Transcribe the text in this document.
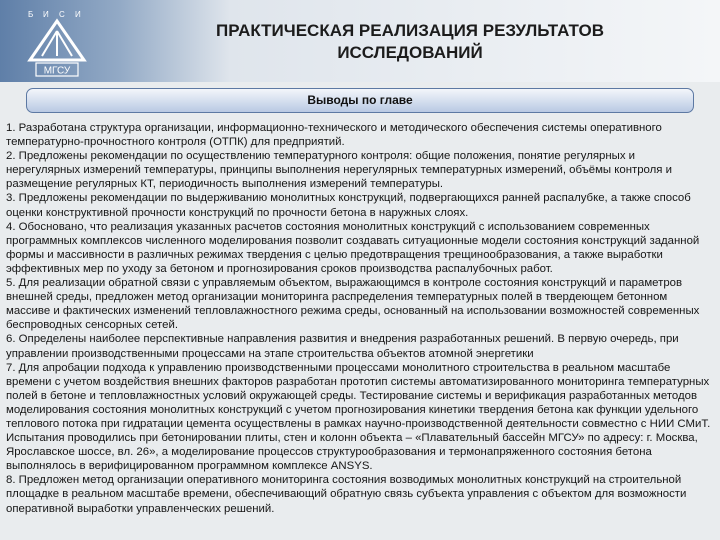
Б И С И
МГСУ
ПРАКТИЧЕСКАЯ РЕАЛИЗАЦИЯ РЕЗУЛЬТАТОВ
ИССЛЕДОВАНИЙ
Выводы по главе

1. Разработана структура организации, информационно-технического и методического обеспечения системы оперативного температурно-прочностного контроля (ОТПК) для предприятий.

2. Предложены рекомендации по осуществлению температурного контроля: общие положения, понятие регулярных и нерегулярных измерений температуры, принципы выполнения нерегулярных температурных измерений, объёмы контроля и размещение регулярных КТ, периодичность выполнения измерений температуры.

3. Предложены рекомендации по выдерживанию монолитных конструкций, подвергающихся ранней распалубке, а также способ оценки конструктивной прочности конструкций по прочности бетона в наружных слоях.

4. Обосновано, что реализация указанных расчетов состояния монолитных конструкций с использованием современных программных комплексов численного моделирования позволит создавать ситуационные модели состояния конструкций заданной формы и массивности в различных режимах твердения с целью предотвращения трещинообразования, а также выработки эффективных мер по уходу за бетоном и прогнозирования сроков производства распалубочных работ.

5. Для реализации обратной связи с управляемым объектом, выражающимся в контроле состояния конструкций и параметров внешней среды, предложен метод организации мониторинга распределения температурных полей в твердеющем бетонном массиве и фактических изменений тепловлажностного режима среды, основанный на использовании возможностей современных беспроводных сенсорных сетей.

6. Определены наиболее перспективные направления развития и внедрения разработанных решений. В первую очередь, при управлении производственными процессами на этапе строительства объектов атомной энергетики

7. Для апробации подхода к управлению производственными процессами монолитного строительства в реальном масштабе времени с учетом воздействия внешних факторов разработан прототип системы автоматизированного мониторинга температурных полей в бетоне и тепловлажностных условий окружающей среды. Тестирование системы и верификация разработанных методов моделирования состояния монолитных конструкций с учетом прогнозирования кинетики твердения бетона как функции удельного теплового потока при гидратации цемента осуществлены в рамках научно-производственной деятельности совместно с НИИ СМиТ. Испытания проводились при бетонировании плиты, стен и колонн объекта – «Плавательный бассейн МГСУ» по адресу: г. Москва, Ярославское шоссе, вл. 26», а моделирование процессов структурообразования и термонапряженного состояния бетона выполнялось в верифицированном программном комплексе ANSYS.

8. Предложен метод организации оперативного мониторинга состояния возводимых монолитных конструкций на строительной площадке в реальном масштабе времени, обеспечивающий обратную связь субъекта управления с объектом для возможности оперативной выработки управленческих решений.
